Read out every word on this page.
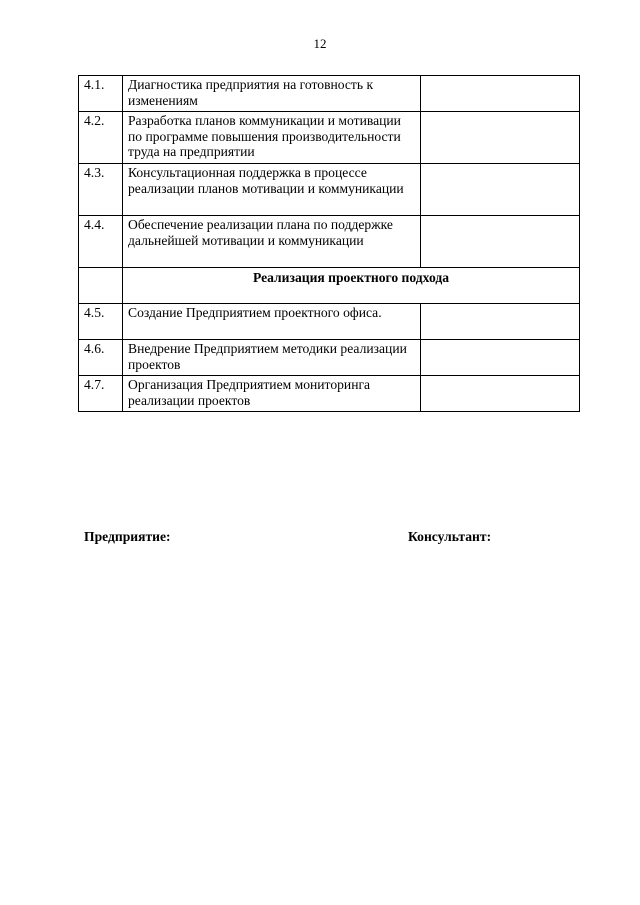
12
4.1.	Диагностика предприятия на готовность к изменениям	
4.2.	Разработка планов коммуникации и мотивации по программе повышения производительности труда на предприятии	
4.3.	Консультационная поддержка в процессе реализации планов мотивации и коммуникации	
4.4.	Обеспечение реализации плана по поддержке дальнейшей мотивации и коммуникации	
	Реализация проектного подхода	
4.5.	Создание Предприятием проектного офиса.	
4.6.	Внедрение Предприятием методики реализации проектов	
4.7.	Организация Предприятием мониторинга реализации проектов	
Предприятие:	Консультант:
